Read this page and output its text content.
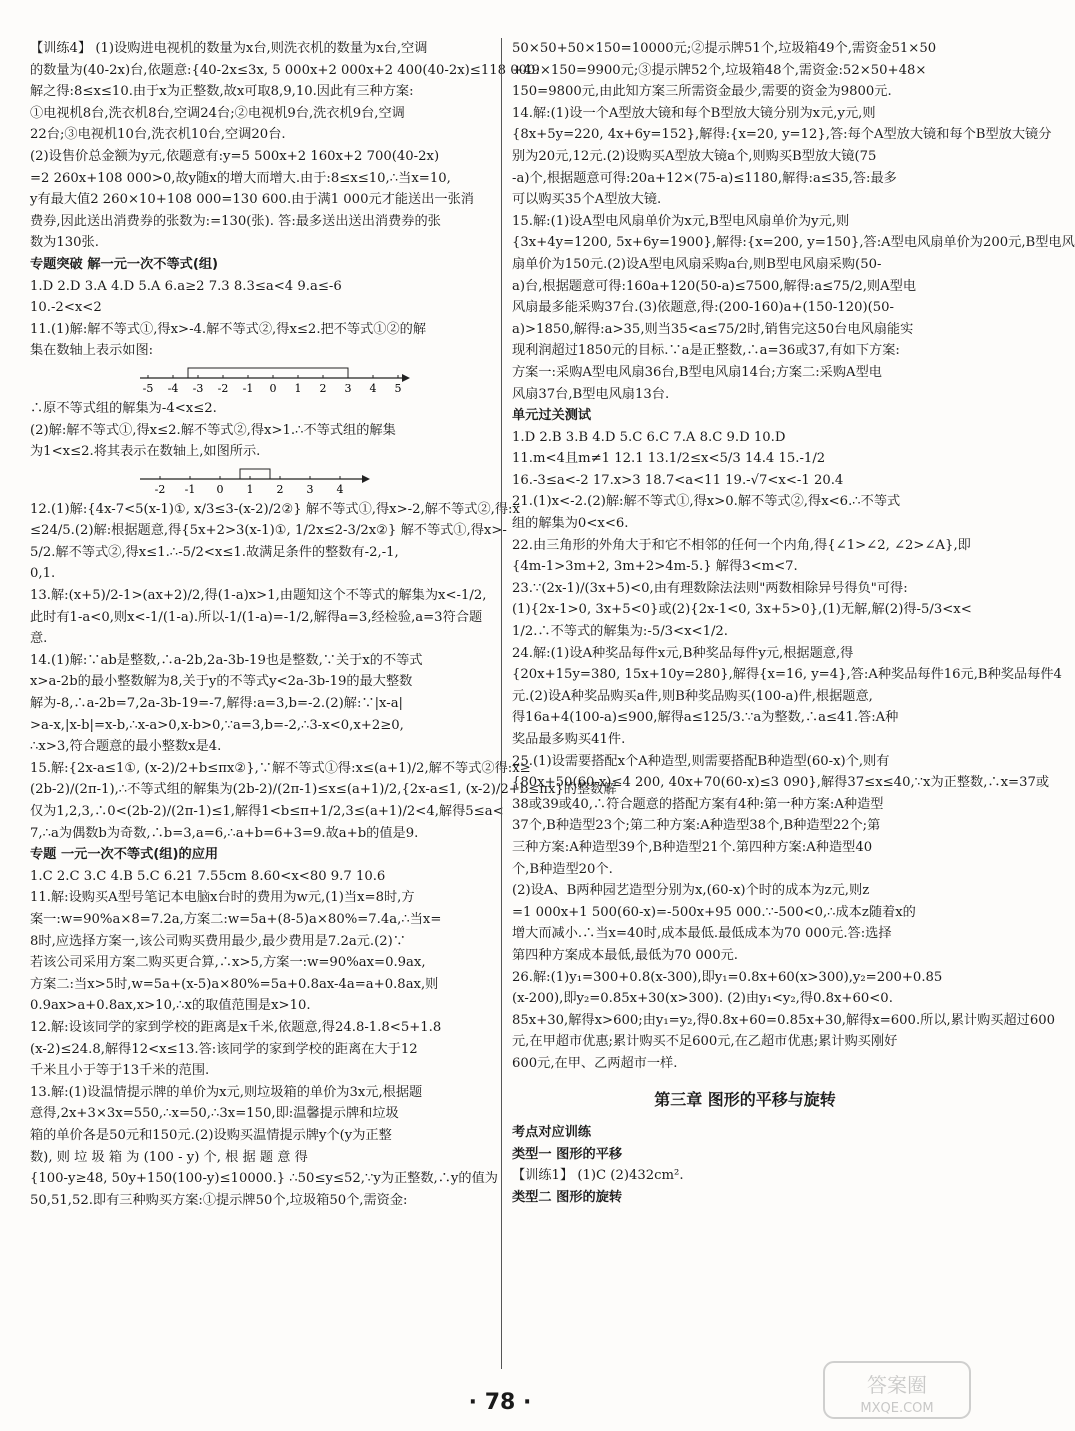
【训练4】 (1)设购进电视机的数量为x台,则洗衣机的数量为x台,空调
的数量为(40-2x)台,依题意:{40-2x≤3x, 5 000x+2 000x+2 400(40-2x)≤118 000.
解之得:8≤x≤10.由于x为正整数,故x可取8,9,10.因此有三种方案:
①电视机8台,洗衣机8台,空调24台;②电视机9台,洗衣机9台,空调
22台;③电视机10台,洗衣机10台,空调20台.
(2)设售价总金额为y元,依题意有:y=5 500x+2 160x+2 700(40-2x)
=2 260x+108 000>0,故y随x的增大而增大.由于:8≤x≤10,∴当x=10,
y有最大值2 260×10+108 000=130 600.由于满1 000元才能送出一张消
费券,因此送出消费券的张数为:=130(张). 答:最多送出送出消费券的张
数为130张.
专题突破 解一元一次不等式(组)
1.D 2.D 3.A 4.D 5.A 6.a≥2 7.3 8.3≤a<4 9.a≤-6
10.-2<x<2
11.(1)解:解不等式①,得x>-4.解不等式②,得x≤2.把不等式①②的解
集在数轴上表示如图:
-5 -4 -3 -2 -1 0 1 2 3 4 5
∴原不等式组的解集为-4<x≤2.
(2)解:解不等式①,得x≤2.解不等式②,得x>1.∴不等式组的解集
为1<x≤2.将其表示在数轴上,如图所示.
-2 -1 0 1 2 3 4
12.(1)解:{4x-7<5(x-1)①, x/3≤3-(x-2)/2②} 解不等式①,得x>-2,解不等式②,得:x
≤24/5.(2)解:根据题意,得{5x+2>3(x-1)①, 1/2x≤2-3/2x②} 解不等式①,得x>-
5/2.解不等式②,得x≤1.∴-5/2<x≤1.故满足条件的整数有-2,-1,
0,1.
13.解:(x+5)/2-1>(ax+2)/2,得(1-a)x>1,由题知这个不等式的解集为x<-1/2,
此时有1-a<0,则x<-1/(1-a).所以-1/(1-a)=-1/2,解得a=3,经检验,a=3符合题
意.
14.(1)解:∵ab是整数,∴a-2b,2a-3b-19也是整数,∵关于x的不等式
x>a-2b的最小整数解为8,关于y的不等式y<2a-3b-19的最大整数
解为-8,∴a-2b=7,2a-3b-19=-7,解得:a=3,b=-2.(2)解:∵|x-a|
>a-x,|x-b|=x-b,∴x-a>0,x-b>0,∵a=3,b=-2,∴3-x<0,x+2≥0,
∴x>3,符合题意的最小整数x是4.
15.解:{2x-a≤1①, (x-2)/2+b≤πx②},∵解不等式①得:x≤(a+1)/2,解不等式②得:x≥
(2b-2)/(2π-1),∴不等式组的解集为(2b-2)/(2π-1)≤x≤(a+1)/2,{2x-a≤1, (x-2)/2+b≤πx}的整数解
仅为1,2,3,∴0<(2b-2)/(2π-1)≤1,解得1<b≤π+1/2,3≤(a+1)/2<4,解得5≤a<
7,∴a为偶数b为奇数,∴b=3,a=6,∴a+b=6+3=9.故a+b的值是9.
专题 一元一次不等式(组)的应用
1.C 2.C 3.C 4.B 5.C 6.21 7.55cm 8.60<x<80 9.7 10.6
11.解:设购买A型号笔记本电脑x台时的费用为w元,(1)当x=8时,方
案一:w=90%a×8=7.2a,方案二:w=5a+(8-5)a×80%=7.4a,∴当x=
8时,应选择方案一,该公司购买费用最少,最少费用是7.2a元.(2)∵
若该公司采用方案二购买更合算,∴x>5,方案一:w=90%ax=0.9ax,
方案二:当x>5时,w=5a+(x-5)a×80%=5a+0.8ax-4a=a+0.8ax,则
0.9ax>a+0.8ax,x>10,∴x的取值范围是x>10.
12.解:设该同学的家到学校的距离是x千米,依题意,得24.8-1.8<5+1.8
(x-2)≤24.8,解得12<x≤13.答:该同学的家到学校的距离在大于12
千米且小于等于13千米的范围.
13.解:(1)设温情提示牌的单价为x元,则垃圾箱的单价为3x元,根据题
意得,2x+3×3x=550,∴x=50,∴3x=150,即:温馨提示牌和垃圾
箱的单价各是50元和150元.(2)设购买温情提示牌y个(y为正整
数), 则 垃 圾 箱 为 (100 - y) 个, 根 据 题 意 得
{100-y≥48, 50y+150(100-y)≤10000.} ∴50≤y≤52,∵y为正整数,∴y的值为
50,51,52.即有三种购买方案:①提示牌50个,垃圾箱50个,需资金:
50×50+50×150=10000元;②提示牌51个,垃圾箱49个,需资金51×50
+49×150=9900元;③提示牌52个,垃圾箱48个,需资金:52×50+48×
150=9800元,由此知方案三所需资金最少,需要的资金为9800元.
14.解:(1)设一个A型放大镜和每个B型放大镜分别为x元,y元,则
{8x+5y=220, 4x+6y=152},解得:{x=20, y=12},答:每个A型放大镜和每个B型放大镜分
别为20元,12元.(2)设购买A型放大镜a个,则购买B型放大镜(75
-a)个,根据题意可得:20a+12×(75-a)≤1180,解得:a≤35,答:最多
可以购买35个A型放大镜.
15.解:(1)设A型电风扇单价为x元,B型电风扇单价为y元,则
{3x+4y=1200, 5x+6y=1900},解得:{x=200, y=150},答:A型电风扇单价为200元,B型电风
扇单价为150元.(2)设A型电风扇采购a台,则B型电风扇采购(50-
a)台,根据题意可得:160a+120(50-a)≤7500,解得:a≤75/2,则A型电
风扇最多能采购37台.(3)依题意,得:(200-160)a+(150-120)(50-
a)>1850,解得:a>35,则当35<a≤75/2时,销售完这50台电风扇能实
现利润超过1850元的目标.∵a是正整数,∴a=36或37,有如下方案:
方案一:采购A型电风扇36台,B型电风扇14台;方案二:采购A型电
风扇37台,B型电风扇13台.
单元过关测试
1.D 2.B 3.B 4.D 5.C 6.C 7.A 8.C 9.D 10.D
11.m<4且m≠1 12.1 13.1/2≤x<5/3 14.4 15.-1/2
16.-3≤a<-2 17.x>3 18.7<a<11 19.-√7<x<-1 20.4
21.(1)x<-2.(2)解:解不等式①,得x>0.解不等式②,得x<6.∴不等式
组的解集为0<x<6.
22.由三角形的外角大于和它不相邻的任何一个内角,得{∠1>∠2, ∠2>∠A},即
{4m-1>3m+2, 3m+2>4m-5.} 解得3<m<7.
23.∵(2x-1)/(3x+5)<0,由有理数除法法则"两数相除异号得负"可得:
(1){2x-1>0, 3x+5<0}或(2){2x-1<0, 3x+5>0},(1)无解,解(2)得-5/3<x<
1/2.∴不等式的解集为:-5/3<x<1/2.
24.解:(1)设A种奖品每件x元,B种奖品每件y元,根据题意,得
{20x+15y=380, 15x+10y=280},解得{x=16, y=4},答:A种奖品每件16元,B种奖品每件4
元.(2)设A种奖品购买a件,则B种奖品购买(100-a)件,根据题意,
得16a+4(100-a)≤900,解得a≤125/3.∵a为整数,∴a≤41.答:A种
奖品最多购买41件.
25.(1)设需要搭配x个A种造型,则需要搭配B种造型(60-x)个,则有
{80x+50(60-x)≤4 200, 40x+70(60-x)≤3 090},解得37≤x≤40,∵x为正整数,∴x=37或
38或39或40,∴符合题意的搭配方案有4种:第一种方案:A种造型
37个,B种造型23个;第二种方案:A种造型38个,B种造型22个;第
三种方案:A种造型39个,B种造型21个.第四种方案:A种造型40
个,B种造型20个.
(2)设A、B两种园艺造型分别为x,(60-x)个时的成本为z元,则z
=1 000x+1 500(60-x)=-500x+95 000.∵-500<0,∴成本z随着x的
增大而减小.∴当x=40时,成本最低.最低成本为70 000元.答:选择
第四种方案成本最低,最低为70 000元.
26.解:(1)y₁=300+0.8(x-300),即y₁=0.8x+60(x>300),y₂=200+0.85
(x-200),即y₂=0.85x+30(x>300). (2)由y₁<y₂,得0.8x+60<0.
85x+30,解得x>600;由y₁=y₂,得0.8x+60=0.85x+30,解得x=600.所以,累计购买超过600
元,在甲超市优惠;累计购买不足600元,在乙超市优惠;累计购买刚好
600元,在甲、乙两超市一样.
第三章 图形的平移与旋转
考点对应训练
类型一 图形的平移
【训练1】 (1)C (2)432cm².
类型二 图形的旋转
· 78 ·
答案圈
MXQE.COM
